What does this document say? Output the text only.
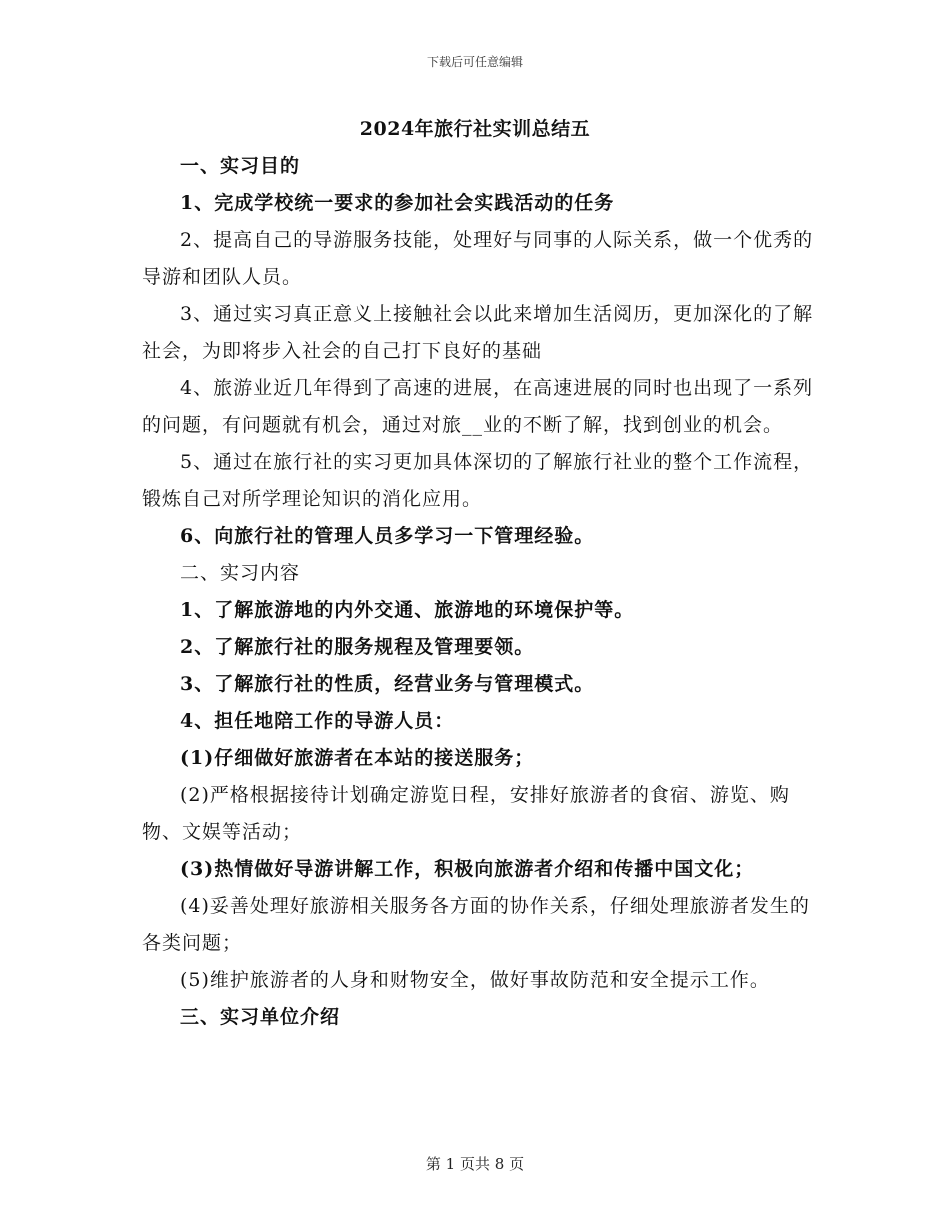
下载后可任意编辑
2024年旅行社实训总结五

一、实习目的

1、完成学校统一要求的参加社会实践活动的任务

2、提高自己的导游服务技能，处理好与同事的人际关系，做一个优秀的导游和团队人员。

3、通过实习真正意义上接触社会以此来增加生活阅历，更加深化的了解社会，为即将步入社会的自己打下良好的基础

4、旅游业近几年得到了高速的进展，在高速进展的同时也出现了一系列的问题，有问题就有机会，通过对旅__业的不断了解，找到创业的机会。

5、通过在旅行社的实习更加具体深切的了解旅行社业的整个工作流程，锻炼自己对所学理论知识的消化应用。

6、向旅行社的管理人员多学习一下管理经验。

二、实习内容

1、了解旅游地的内外交通、旅游地的环境保护等。

2、了解旅行社的服务规程及管理要领。

3、了解旅行社的性质，经营业务与管理模式。

4、担任地陪工作的导游人员：

(1)仔细做好旅游者在本站的接送服务；

(2)严格根据接待计划确定游览日程，安排好旅游者的食宿、游览、购物、文娱等活动；

(3)热情做好导游讲解工作，积极向旅游者介绍和传播中国文化；

(4)妥善处理好旅游相关服务各方面的协作关系，仔细处理旅游者发生的各类问题；

(5)维护旅游者的人身和财物安全，做好事故防范和安全提示工作。

三、实习单位介绍

第 1 页共 8 页
